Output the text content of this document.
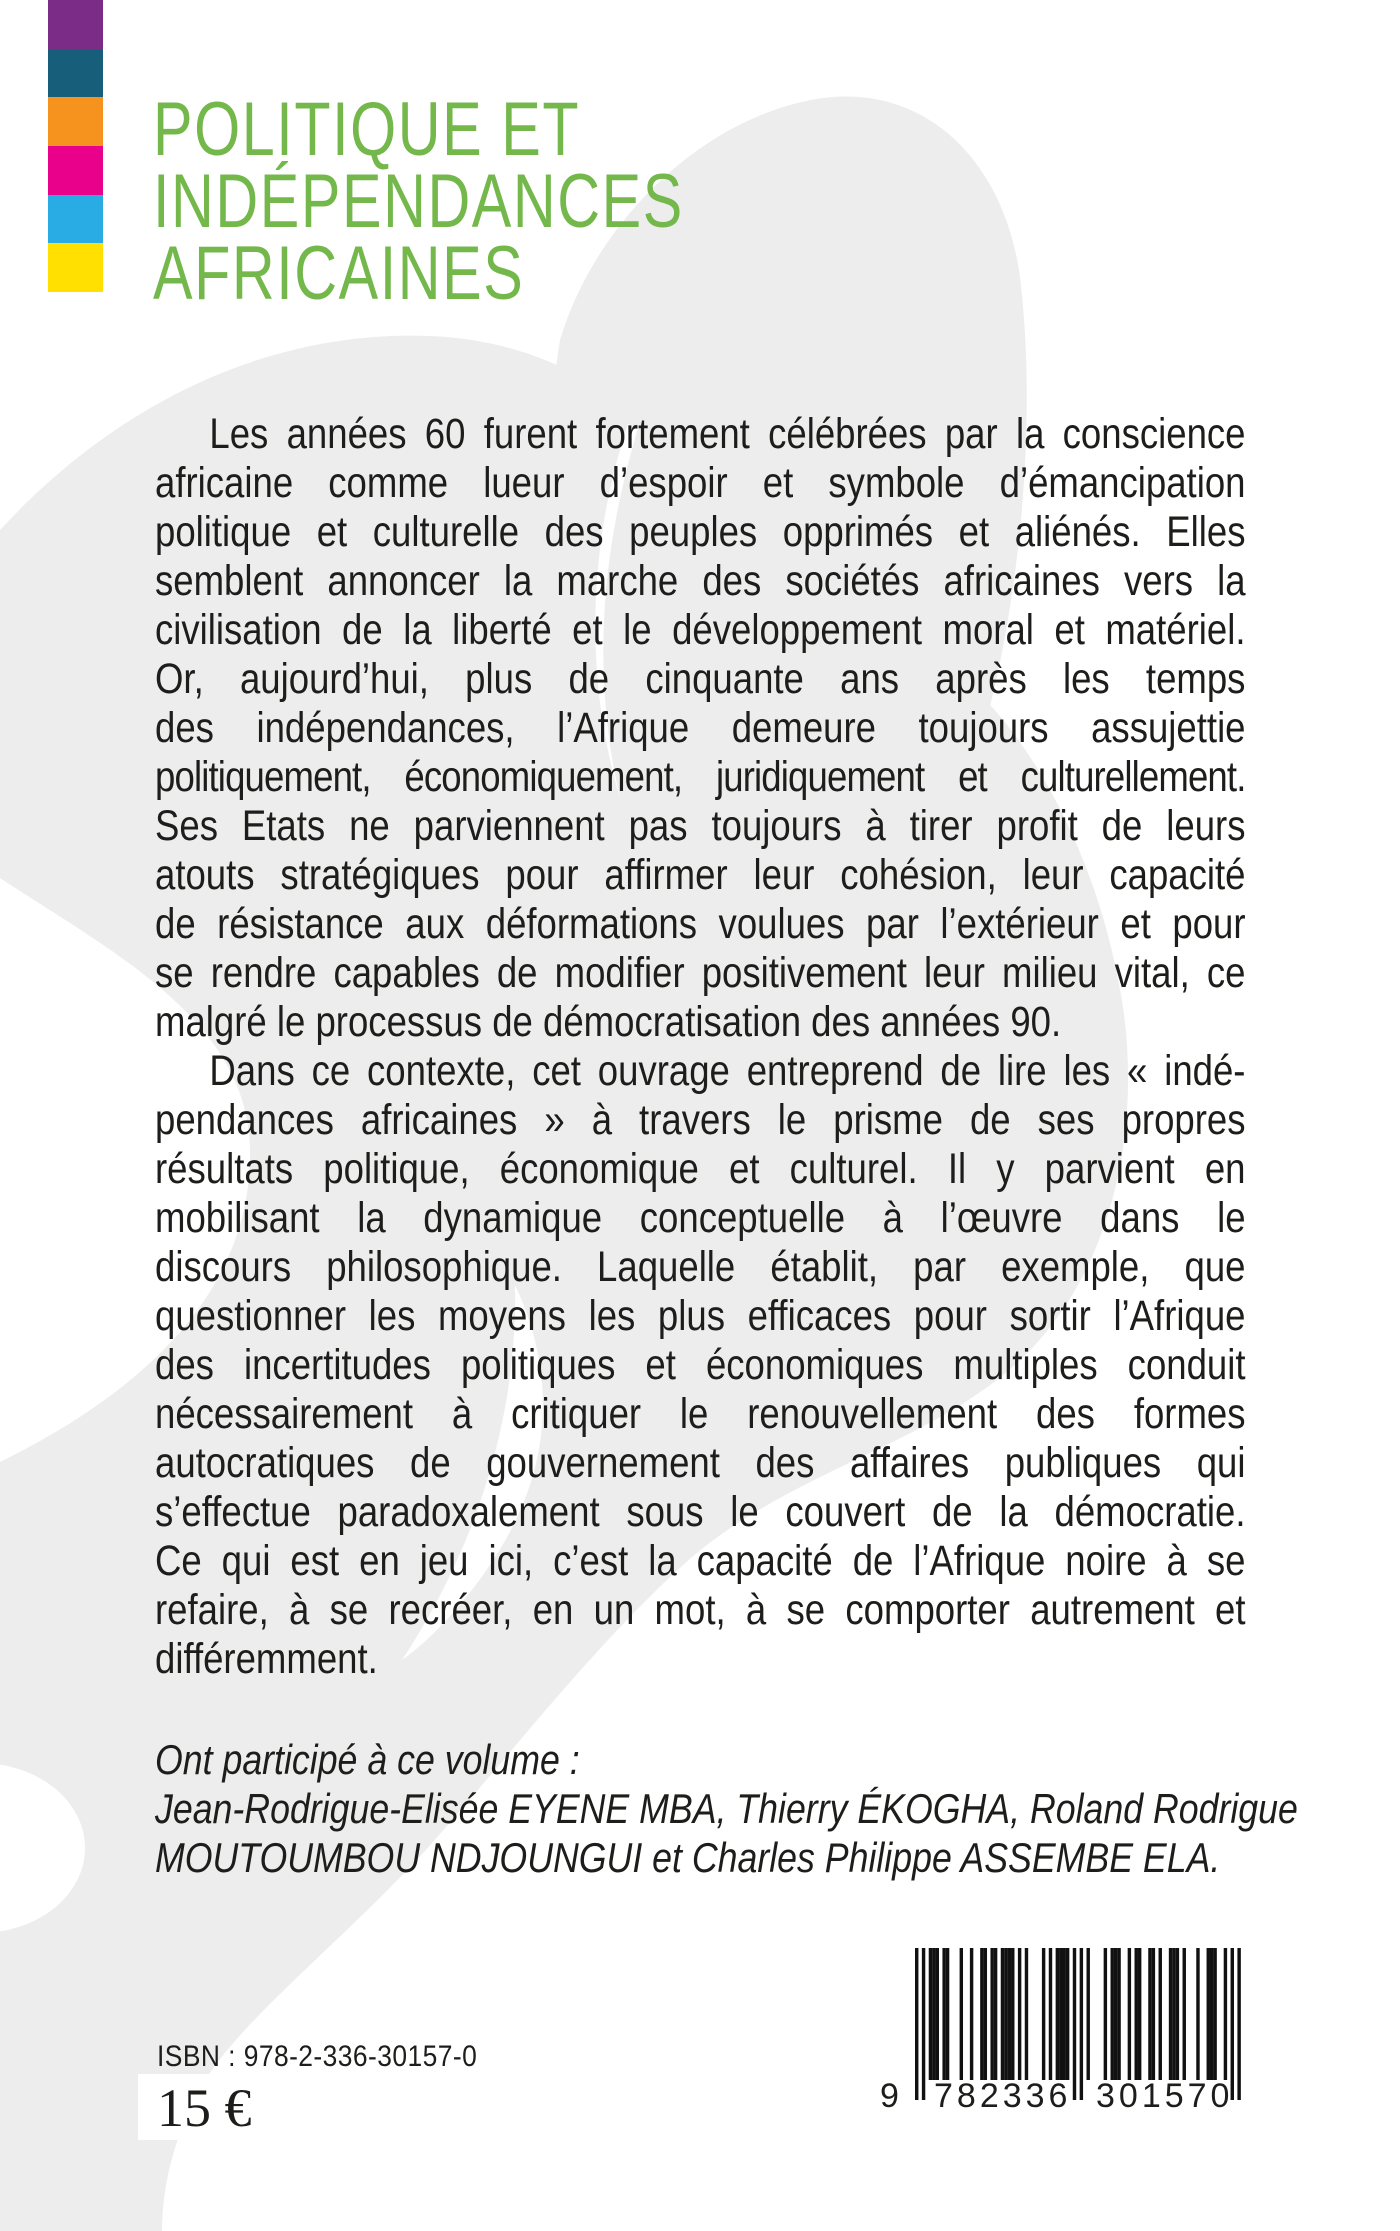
POLITIQUE ET
INDÉPENDANCES
AFRICAINES
Les années 60 furent fortement célébrées par la conscience
africaine comme lueur d’espoir et symbole d’émancipation
politique et culturelle des peuples opprimés et aliénés. Elles
semblent annoncer la marche des sociétés africaines vers la
civilisation de la liberté et le développement moral et matériel.
Or, aujourd’hui, plus de cinquante ans après les temps
des indépendances, l’Afrique demeure toujours assujettie
politiquement, économiquement, juridiquement et culturellement.
Ses Etats ne parviennent pas toujours à tirer profit de leurs
atouts stratégiques pour affirmer leur cohésion, leur capacité
de résistance aux déformations voulues par l’extérieur et pour
se rendre capables de modifier positivement leur milieu vital, ce
malgré le processus de démocratisation des années 90.
Dans ce contexte, cet ouvrage entreprend de lire les « indé-
pendances africaines » à travers le prisme de ses propres
résultats politique, économique et culturel. Il y parvient en
mobilisant la dynamique conceptuelle à l’œuvre dans le
discours philosophique. Laquelle établit, par exemple, que
questionner les moyens les plus efficaces pour sortir l’Afrique
des incertitudes politiques et économiques multiples conduit
nécessairement à critiquer le renouvellement des formes
autocratiques de gouvernement des affaires publiques qui
s’effectue paradoxalement sous le couvert de la démocratie.
Ce qui est en jeu ici, c’est la capacité de l’Afrique noire à se
refaire, à se recréer, en un mot, à se comporter autrement et
différemment.
Ont participé à ce volume :
Jean-Rodrigue-Elisée EYENE MBA, Thierry ÉKOGHA, Roland Rodrigue
MOUTOUMBOU NDJOUNGUI et Charles Philippe ASSEMBE ELA.
ISBN : 978-2-336-30157-0
15 €	9 782336 301570
